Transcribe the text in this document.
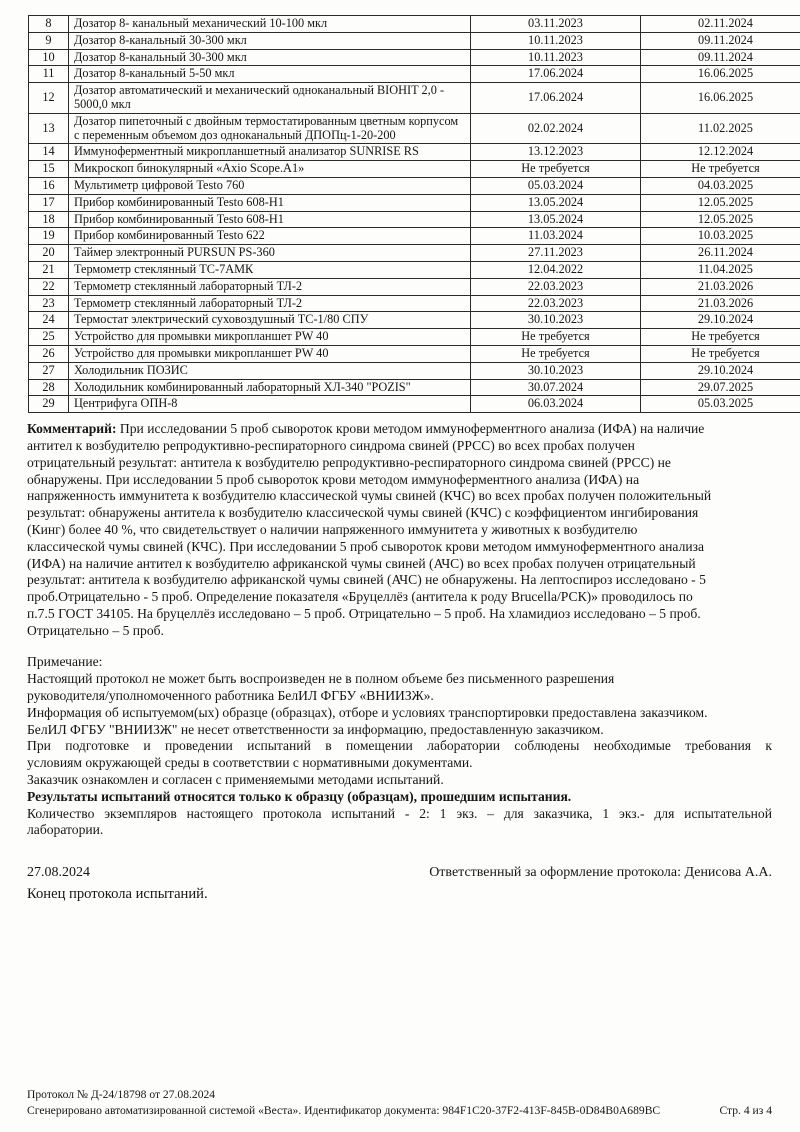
8	Дозатор 8- канальный механический 10-100 мкл	03.11.2023	02.11.2024
9	Дозатор 8-канальный 30-300 мкл	10.11.2023	09.11.2024
10	Дозатор 8-канальный 30-300 мкл	10.11.2023	09.11.2024
11	Дозатор 8-канальный 5-50 мкл	17.06.2024	16.06.2025
12	Дозатор автоматический и механический одноканальный BIOHIT 2,0 - 5000,0 мкл	17.06.2024	16.06.2025
13	Дозатор пипеточный с двойным термостатированным цветным корпусом с переменным объемом доз одноканальный ДПОПц-1-20-200	02.02.2024	11.02.2025
14	Иммуноферментный микропланшетный анализатор SUNRISE RS	13.12.2023	12.12.2024
15	Микроскоп бинокулярный «Axio Scope.A1»	Не требуется	Не требуется
16	Мультиметр цифровой Testo 760	05.03.2024	04.03.2025
17	Прибор комбинированный Testo 608-H1	13.05.2024	12.05.2025
18	Прибор комбинированный Testo 608-H1	13.05.2024	12.05.2025
19	Прибор комбинированный Testo 622	11.03.2024	10.03.2025
20	Таймер электронный PURSUN PS-360	27.11.2023	26.11.2024
21	Термометр стеклянный ТС-7АМК	12.04.2022	11.04.2025
22	Термометр стеклянный лабораторный ТЛ-2	22.03.2023	21.03.2026
23	Термометр стеклянный лабораторный ТЛ-2	22.03.2023	21.03.2026
24	Термостат электрический суховоздушный ТС-1/80 СПУ	30.10.2023	29.10.2024
25	Устройство для промывки микропланшет PW 40	Не требуется	Не требуется
26	Устройство для промывки микропланшет PW 40	Не требуется	Не требуется
27	Холодильник ПОЗИС	30.10.2023	29.10.2024
28	Холодильник комбинированный лабораторный ХЛ-340 "POZIS"	30.07.2024	29.07.2025
29	Центрифуга ОПН-8	06.03.2024	05.03.2025
Комментарий: При исследовании 5 проб сывороток крови методом иммуноферментного анализа (ИФА) на наличие
антител к возбудителю репродуктивно-респираторного синдрома свиней (РРСС) во всех пробах получен
отрицательный результат: антитела к возбудителю репродуктивно-респираторного синдрома свиней (РРСС) не
обнаружены. При исследовании 5 проб сывороток крови методом иммуноферментного анализа (ИФА) на
напряженность иммунитета к возбудителю классической чумы свиней (КЧС) во всех пробах получен положительный
результат: обнаружены антитела к возбудителю классической чумы свиней (КЧС) с коэффициентом ингибирования
(Кинг) более 40 %, что свидетельствует о наличии напряженного иммунитета у животных к возбудителю
классической чумы свиней (КЧС). При исследовании 5 проб сывороток крови методом иммуноферментного анализа
(ИФА) на наличие антител к возбудителю африканской чумы свиней (АЧС) во всех пробах получен отрицательный
результат: антитела к возбудителю африканской чумы свиней (АЧС) не обнаружены. На лептоспироз исследовано - 5
проб.Отрицательно - 5 проб. Определение показателя «Бруцеллёз (антитела к роду Brucella/РСК)» проводилось по
п.7.5 ГОСТ 34105. На бруцеллёз исследовано – 5 проб. Отрицательно – 5 проб. На хламидиоз исследовано – 5 проб.
Отрицательно – 5 проб.
Примечание:
Настоящий протокол не может быть воспроизведен не в полном объеме без письменного разрешения
руководителя/уполномоченного работника БелИЛ ФГБУ «ВНИИЗЖ».
Информация об испытуемом(ых) образце (образцах), отборе и условиях транспортировки предоставлена заказчиком.
БелИЛ ФГБУ "ВНИИЗЖ" не несет ответственности за информацию, предоставленную заказчиком.
При подготовке и проведении испытаний в помещении лаборатории соблюдены необходимые требования к
условиям окружающей среды в соответствии с нормативными документами.
Заказчик ознакомлен и согласен с применяемыми методами испытаний.
Результаты испытаний относятся только к образцу (образцам), прошедшим испытания.
Количество экземпляров настоящего протокола испытаний - 2: 1 экз. – для заказчика, 1 экз.- для испытательной
лаборатории.
27.08.2024	Ответственный за оформление протокола: Денисова А.А.
Конец протокола испытаний.
Протокол № Д-24/18798 от 27.08.2024
Сгенерировано автоматизированной системой «Веста». Идентификатор документа: 984F1C20-37F2-413F-845B-0D84B0A689BC	Стр. 4 из 4
